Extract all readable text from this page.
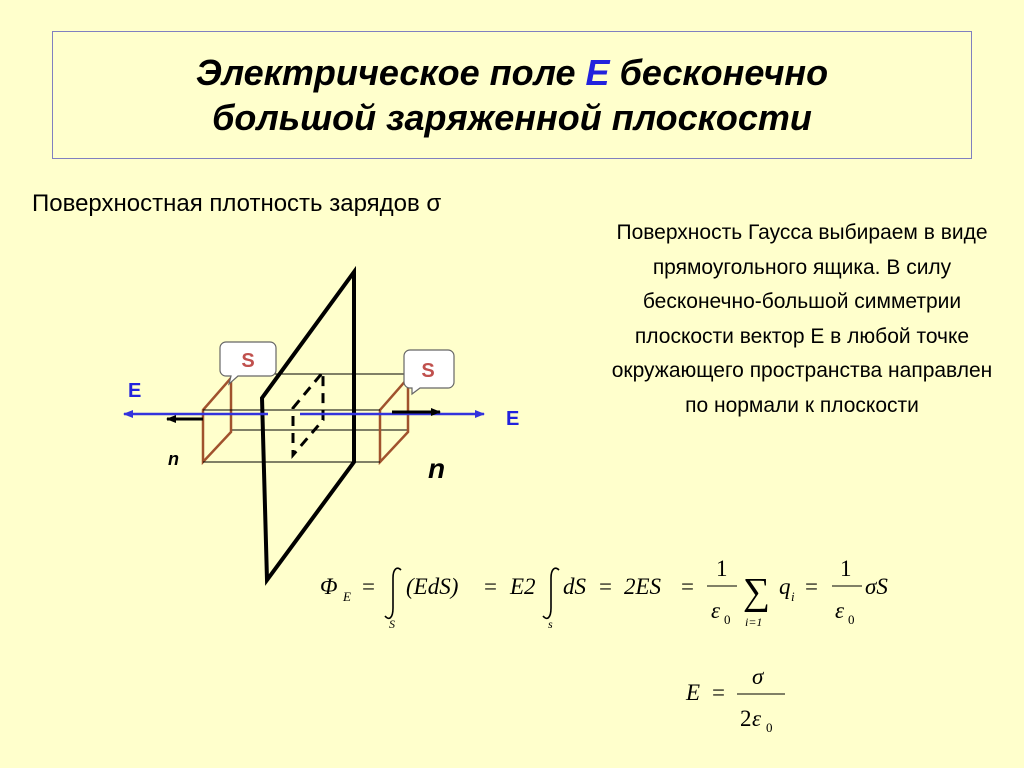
Электрическое поле E бесконечно
большой заряженной плоскости
Поверхностная плотность зарядов σ
Поверхность Гаусса выбираем в виде прямоугольного ящика. В силу бесконечно-большой симметрии плоскости вектор Е в любой точке окружающего пространства направлен по нормали к плоскости
E
E
n	n
S	S
Φ E =
S
(EdS) = E2
s
dS = 2ES =
1
ε 0
∑
i=1
q i =
1
ε 0
σS
E =
σ
2 ε 0
